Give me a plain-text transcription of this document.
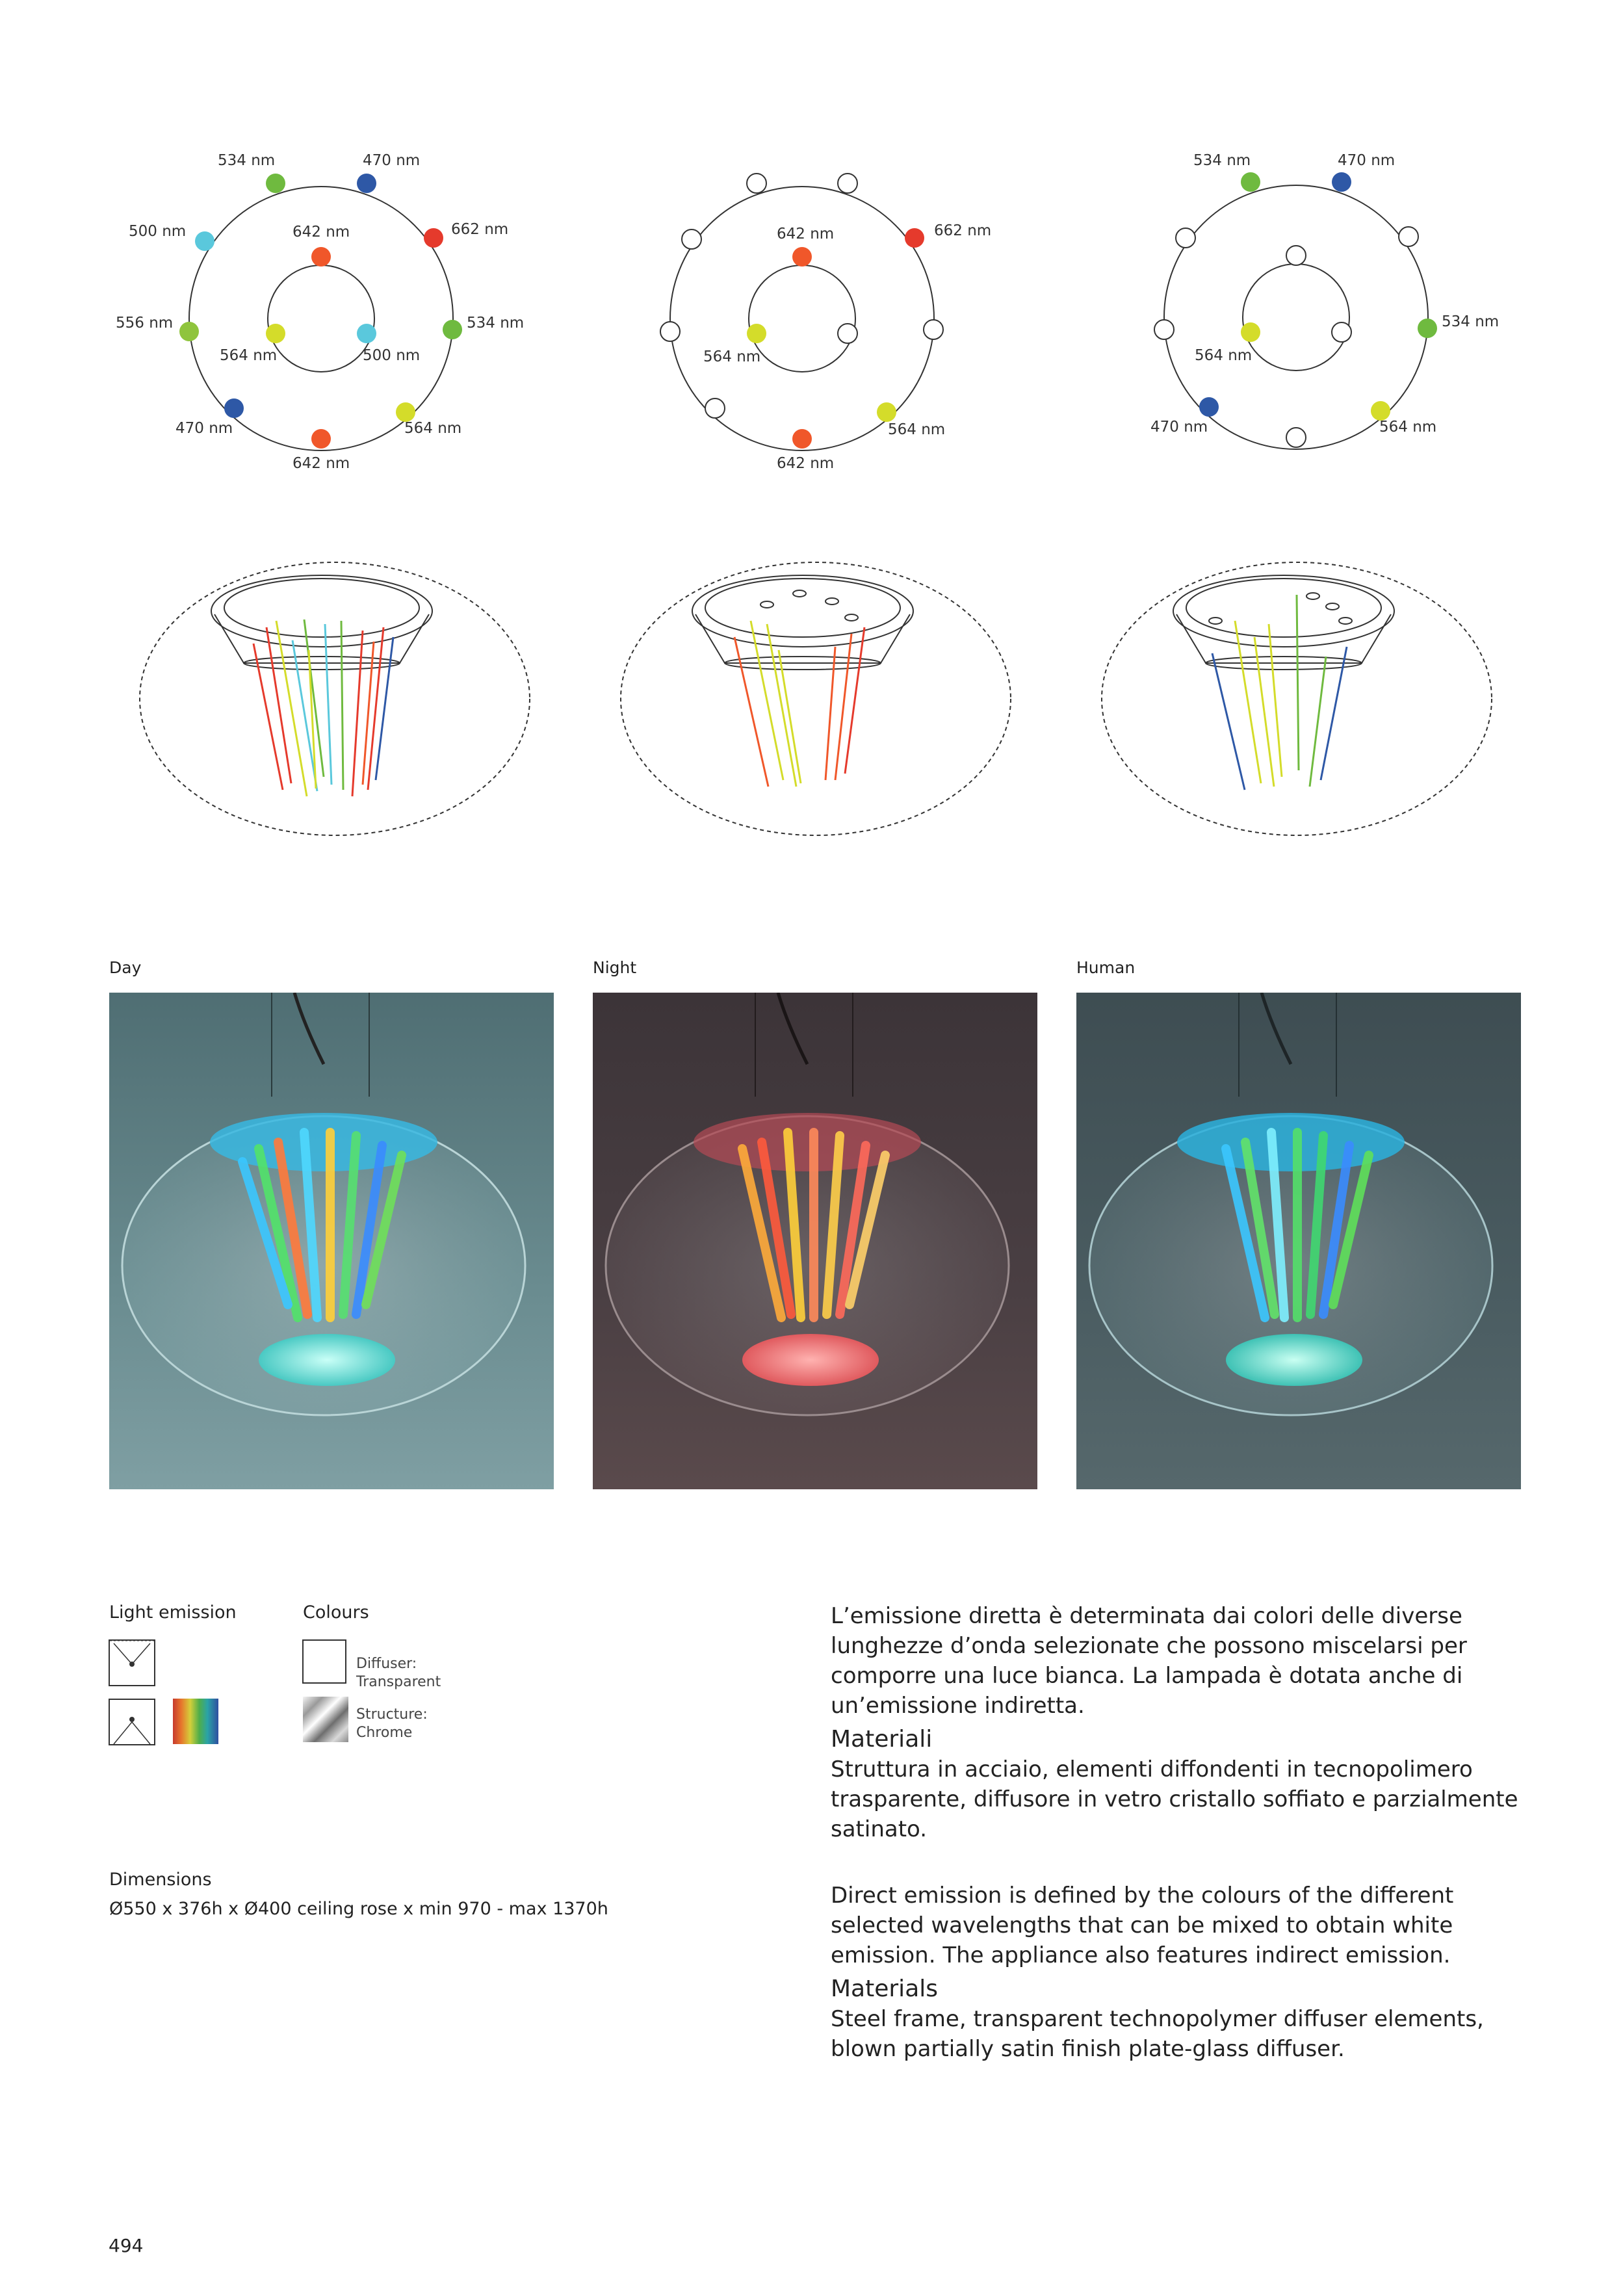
534 nm	470 nm
500 nm	642 nm	662 nm
556 nm	534 nm
564 nm	500 nm
470 nm	564 nm
642 nm
642 nm	662 nm
564 nm
564 nm
642 nm
534 nm	470 nm
534 nm
564 nm
470 nm	564 nm
Day	Night	Human
Light emission	Colours
Diffuser:
Transparent
Structure:
Chrome
Dimensions
Ø550 x 376h x Ø400 ceiling rose x min 970 - max 1370h

L’emissione diretta è determinata dai colori delle diverse lunghezze d’onda selezionate che possono miscelarsi per comporre una luce bianca. La lampada è dotata anche di un’emissione indiretta.

Materiali

Struttura in acciaio, elementi diffondenti in tecnopolimero trasparente, diffusore in vetro cristallo soffiato e parzialmente satinato.

Direct emission is defined by the colours of the different selected wavelengths that can be mixed to obtain white emission. The appliance also features indirect emission.

Materials

Steel frame, transparent technopolymer diffuser elements, blown partially satin finish plate-glass diffuser.

494
